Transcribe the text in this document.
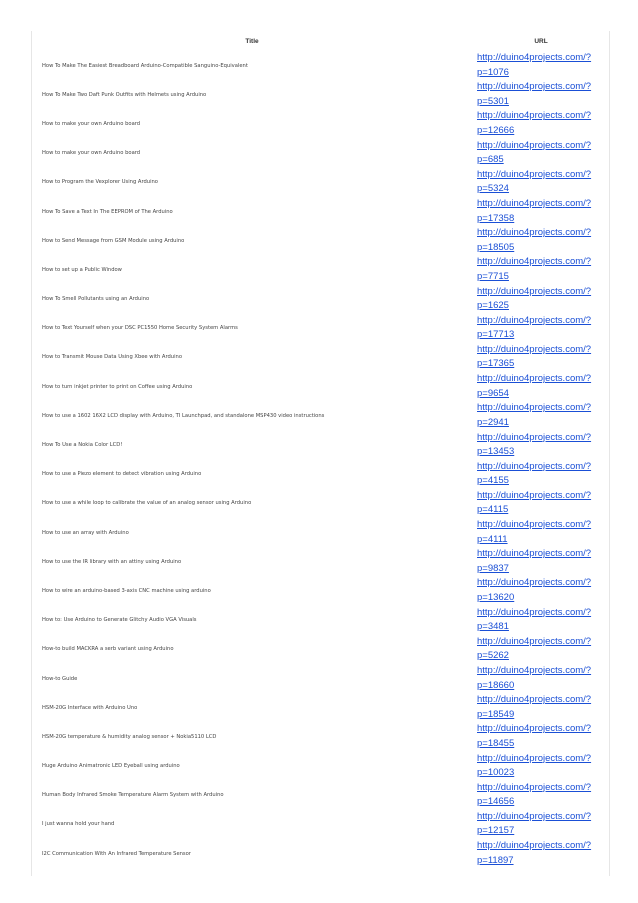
Title	URL
How To Make The Easiest Breadboard Arduino-Compatible Sanguino-Equivalent	http://duino4projects.com/?
p=1076

How To Make Two Daft Punk Outfits with Helmets using Arduino	http://duino4projects.com/?
p=5301

How to make your own Arduino board	http://duino4projects.com/?
p=12666

How to make your own Arduino board	http://duino4projects.com/?
p=685

How to Program the Vexplorer Using Arduino	http://duino4projects.com/?
p=5324

How To Save a Text In The EEPROM of The Arduino	http://duino4projects.com/?
p=17358

How to Send Message from GSM Module using Arduino	http://duino4projects.com/?
p=18505

How to set up a Public Window	http://duino4projects.com/?
p=7715

How To Smell Pollutants using an Arduino	http://duino4projects.com/?
p=1625

How to Text Yourself when your DSC PC1550 Home Security System Alarms	http://duino4projects.com/?
p=17713

How to Transmit Mouse Data Using Xbee with Arduino	http://duino4projects.com/?
p=17365

How to turn inkjet printer to print on Coffee using Arduino	http://duino4projects.com/?
p=9654

How to use a 1602 16X2 LCD display with Arduino, TI Launchpad, and standalone MSP430 video instructions	http://duino4projects.com/?
p=2941

How To Use a Nokia Color LCD!	http://duino4projects.com/?
p=13453

How to use a Piezo element to detect vibration using Arduino	http://duino4projects.com/?
p=4155

How to use a while loop to calibrate the value of an analog sensor using Arduino	http://duino4projects.com/?
p=4115

How to use an array with Arduino	http://duino4projects.com/?
p=4111

How to use the IR library with an attiny using Arduino	http://duino4projects.com/?
p=9837

How to wire an arduino-based 3-axis CNC machine using arduino	http://duino4projects.com/?
p=13620

How to: Use Arduino to Generate Glitchy Audio VGA Visuals	http://duino4projects.com/?
p=3481

How-to build MACKRA a serb variant using Arduino	http://duino4projects.com/?
p=5262

How-to Guide	http://duino4projects.com/?
p=18660

HSM-20G Interface with Arduino Uno	http://duino4projects.com/?
p=18549

HSM-20G temperature & humidity analog sensor + Nokia5110 LCD	http://duino4projects.com/?
p=18455

Huge Arduino Animatronic LED Eyeball using arduino	http://duino4projects.com/?
p=10023

Human Body Infrared Smoke Temperature Alarm System with Arduino	http://duino4projects.com/?
p=14656

I just wanna hold your hand	http://duino4projects.com/?
p=12157

I2C Communication With An Infrared Temperature Sensor	http://duino4projects.com/?
p=11897
